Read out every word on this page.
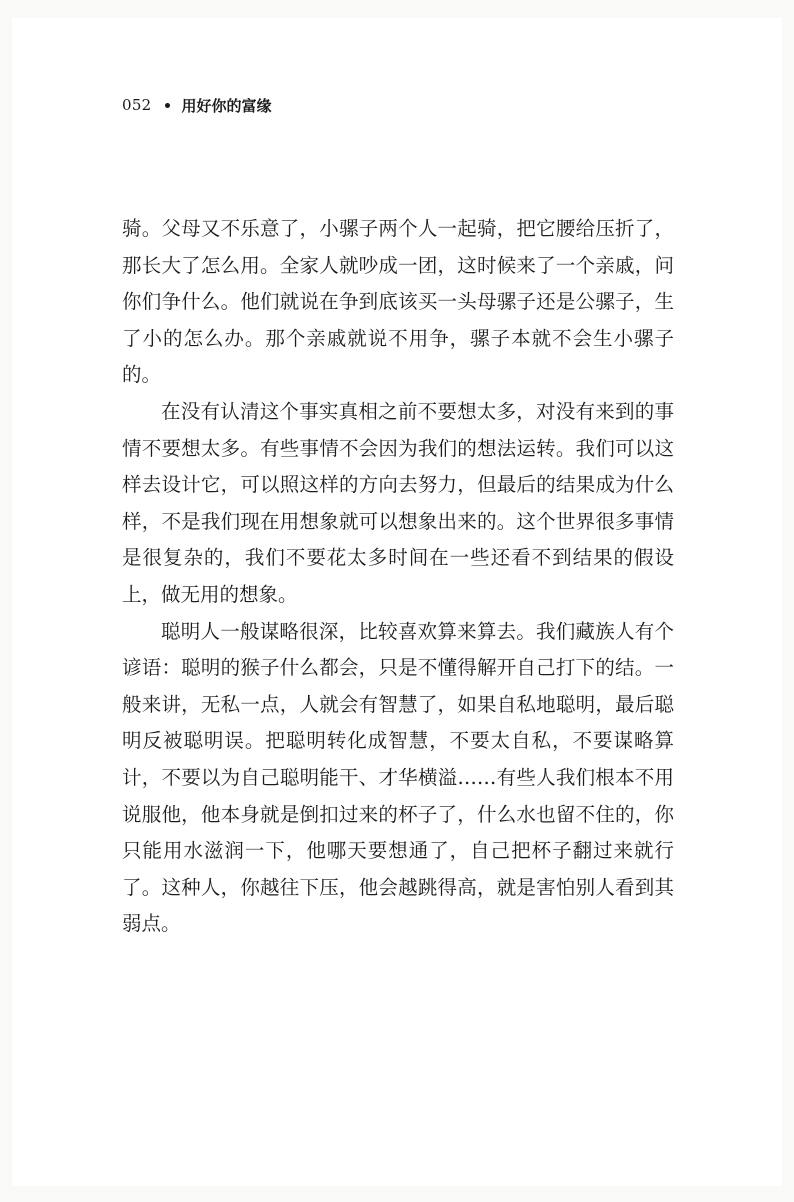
052 用好你的富缘

骑。父母又不乐意了，小骡子两个人一起骑，把它腰给压折了，那长大了怎么用。全家人就吵成一团，这时候来了一个亲戚，问你们争什么。他们就说在争到底该买一头母骡子还是公骡子，生了小的怎么办。那个亲戚就说不用争，骡子本就不会生小骡子的。

在没有认清这个事实真相之前不要想太多，对没有来到的事情不要想太多。有些事情不会因为我们的想法运转。我们可以这样去设计它，可以照这样的方向去努力，但最后的结果成为什么样，不是我们现在用想象就可以想象出来的。这个世界很多事情是很复杂的，我们不要花太多时间在一些还看不到结果的假设上，做无用的想象。

聪明人一般谋略很深，比较喜欢算来算去。我们藏族人有个谚语：聪明的猴子什么都会，只是不懂得解开自己打下的结。一般来讲，无私一点，人就会有智慧了，如果自私地聪明，最后聪明反被聪明误。把聪明转化成智慧，不要太自私，不要谋略算计，不要以为自己聪明能干、才华横溢……有些人我们根本不用说服他，他本身就是倒扣过来的杯子了，什么水也留不住的，你只能用水滋润一下，他哪天要想通了，自己把杯子翻过来就行了。这种人，你越往下压，他会越跳得高，就是害怕别人看到其弱点。
